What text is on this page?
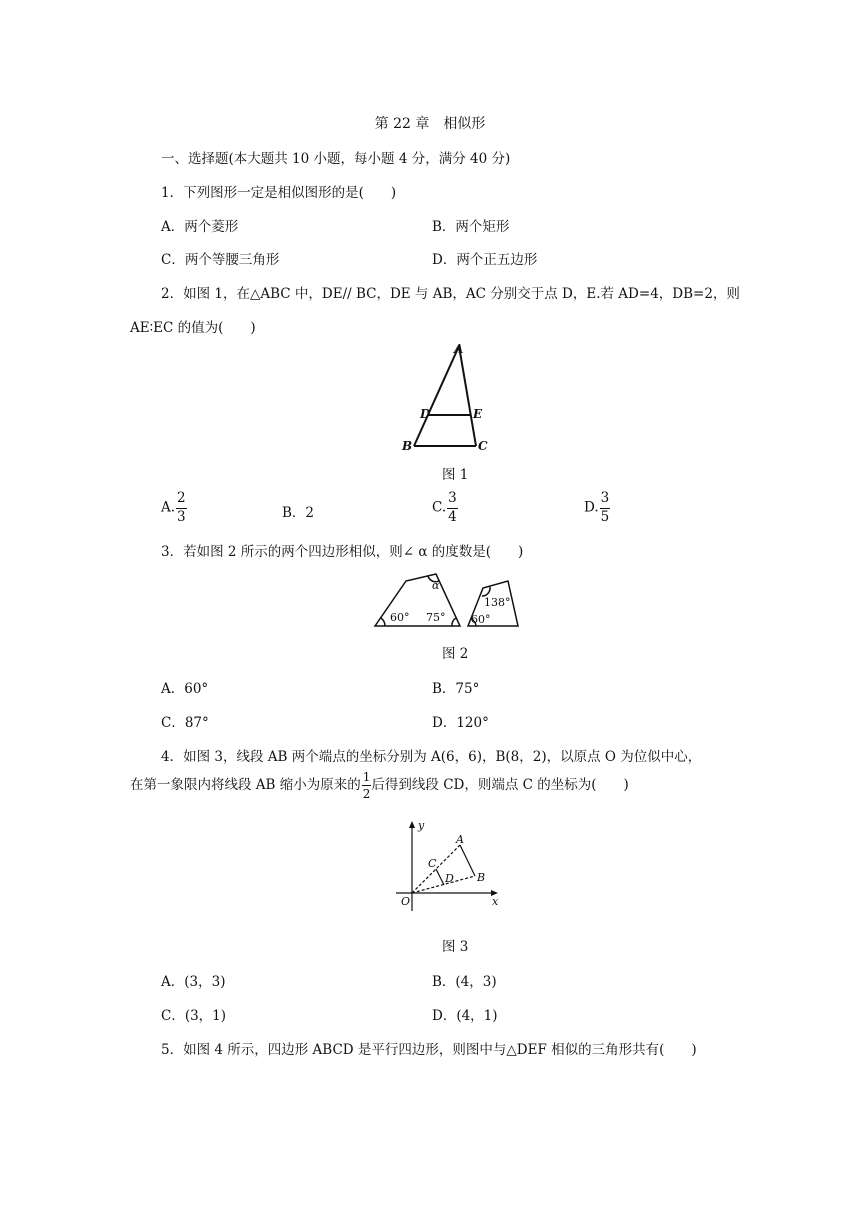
第 22 章　相似形
一、选择题(本大题共 10 小题，每小题 4 分，满分 40 分)
1．下列图形一定是相似图形的是(　　)
A．两个菱形	B．两个矩形
C．两个等腰三角形	D．两个正五边形
2．如图 1，在△ABC 中，DE// BC，DE 与 AB，AC 分别交于点 D，E.若 AD=4，DB=2，则
AE∶EC 的值为(　　)
A
D	E
B	C
图 1
A. $\frac{2}{3}$	B．2	C. $\frac{3}{4}$	D. $\frac{3}{5}$
3．若如图 2 所示的两个四边形相似，则∠ α 的度数是(　　)
α
60° 75°
138°
60°
图 2
A．60°	B．75°
C．87°	D．120°
4．如图 3，线段 AB 两个端点的坐标分别为 A(6，6)，B(8，2)，以原点 O 为位似中心，
在第一象限内将线段 AB 缩小为原来的 $\frac{1}{2}$ 后得到线段 CD，则端点 C 的坐标为(　　)
y
x
O
A
B
C
D
图 3
A．(3，3)	B．(4，3)
C．(3，1)	D．(4，1)
5．如图 4 所示，四边形 ABCD 是平行四边形，则图中与△DEF 相似的三角形共有(　　)
